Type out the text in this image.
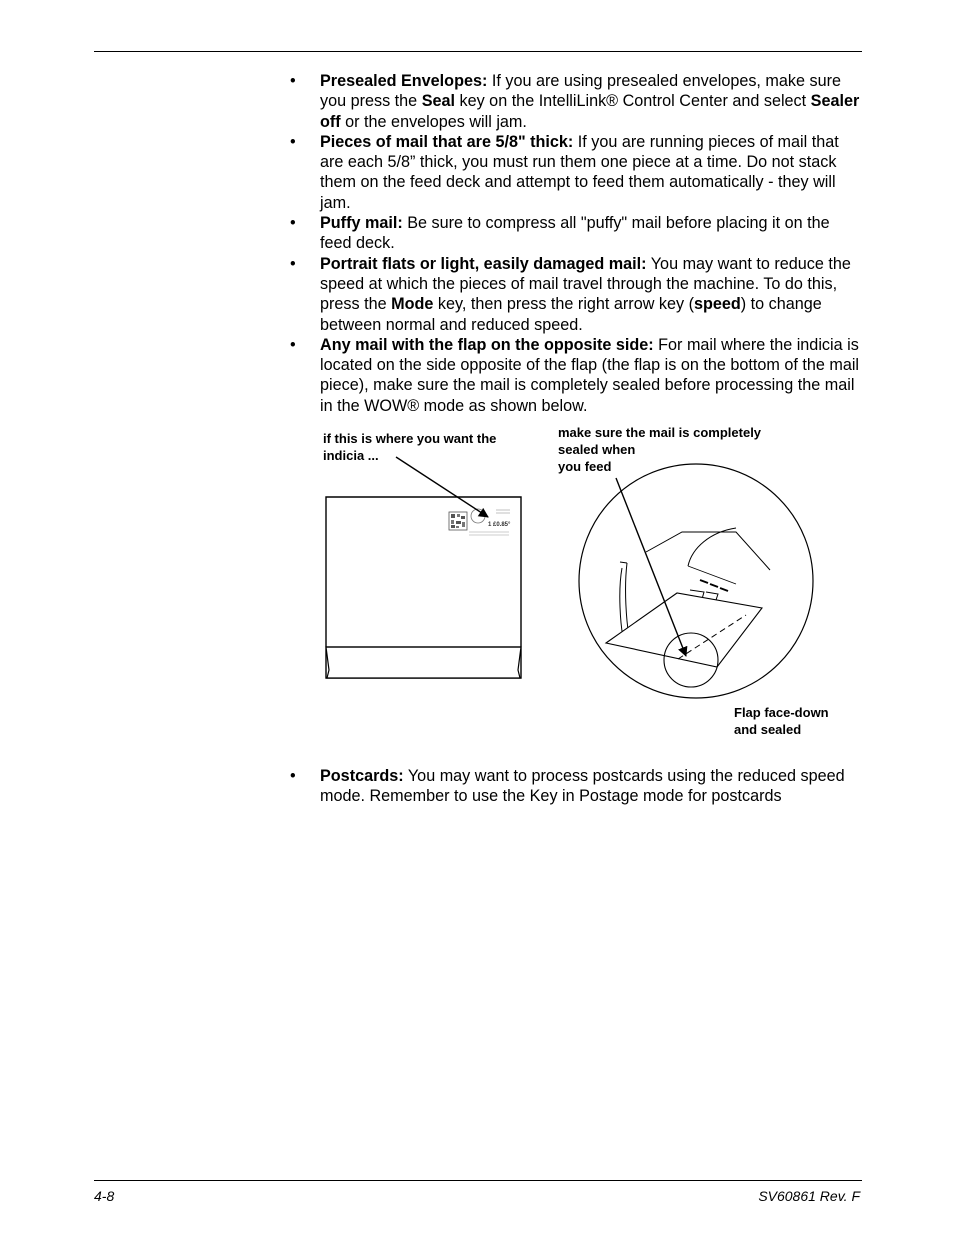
• Presealed Envelopes: If you are using presealed envelopes, make sure you press the Seal key on the IntelliLink® Control Center and select Sealer off or the envelopes will jam.
• Pieces of mail that are 5/8" thick: If you are running pieces of mail that are each 5/8” thick, you must run them one piece at a time. Do not stack them on the feed deck and attempt to feed them automatically - they will jam.
• Puffy mail: Be sure to compress all "puffy" mail before placing it on the feed deck.
• Portrait flats or light, easily damaged mail: You may want to reduce the speed at which the pieces of mail travel through the machine. To do this, press the Mode key, then press the right arrow key (speed) to change between normal and reduced speed.
• Any mail with the flap on the opposite side: For mail where the indicia is located on the side opposite of the flap (the flap is on the bottom of the mail piece), make sure the mail is completely sealed before processing the mail in the WOW® mode as shown below.
if this is where you want the
indicia ...
make sure the mail is completely
sealed when
you feed
Flap face-down
and sealed
1 £0.85°
• Postcards: You may want to process postcards using the reduced speed mode. Remember to use the Key in Postage mode for postcards
4-8	SV60861 Rev. F
